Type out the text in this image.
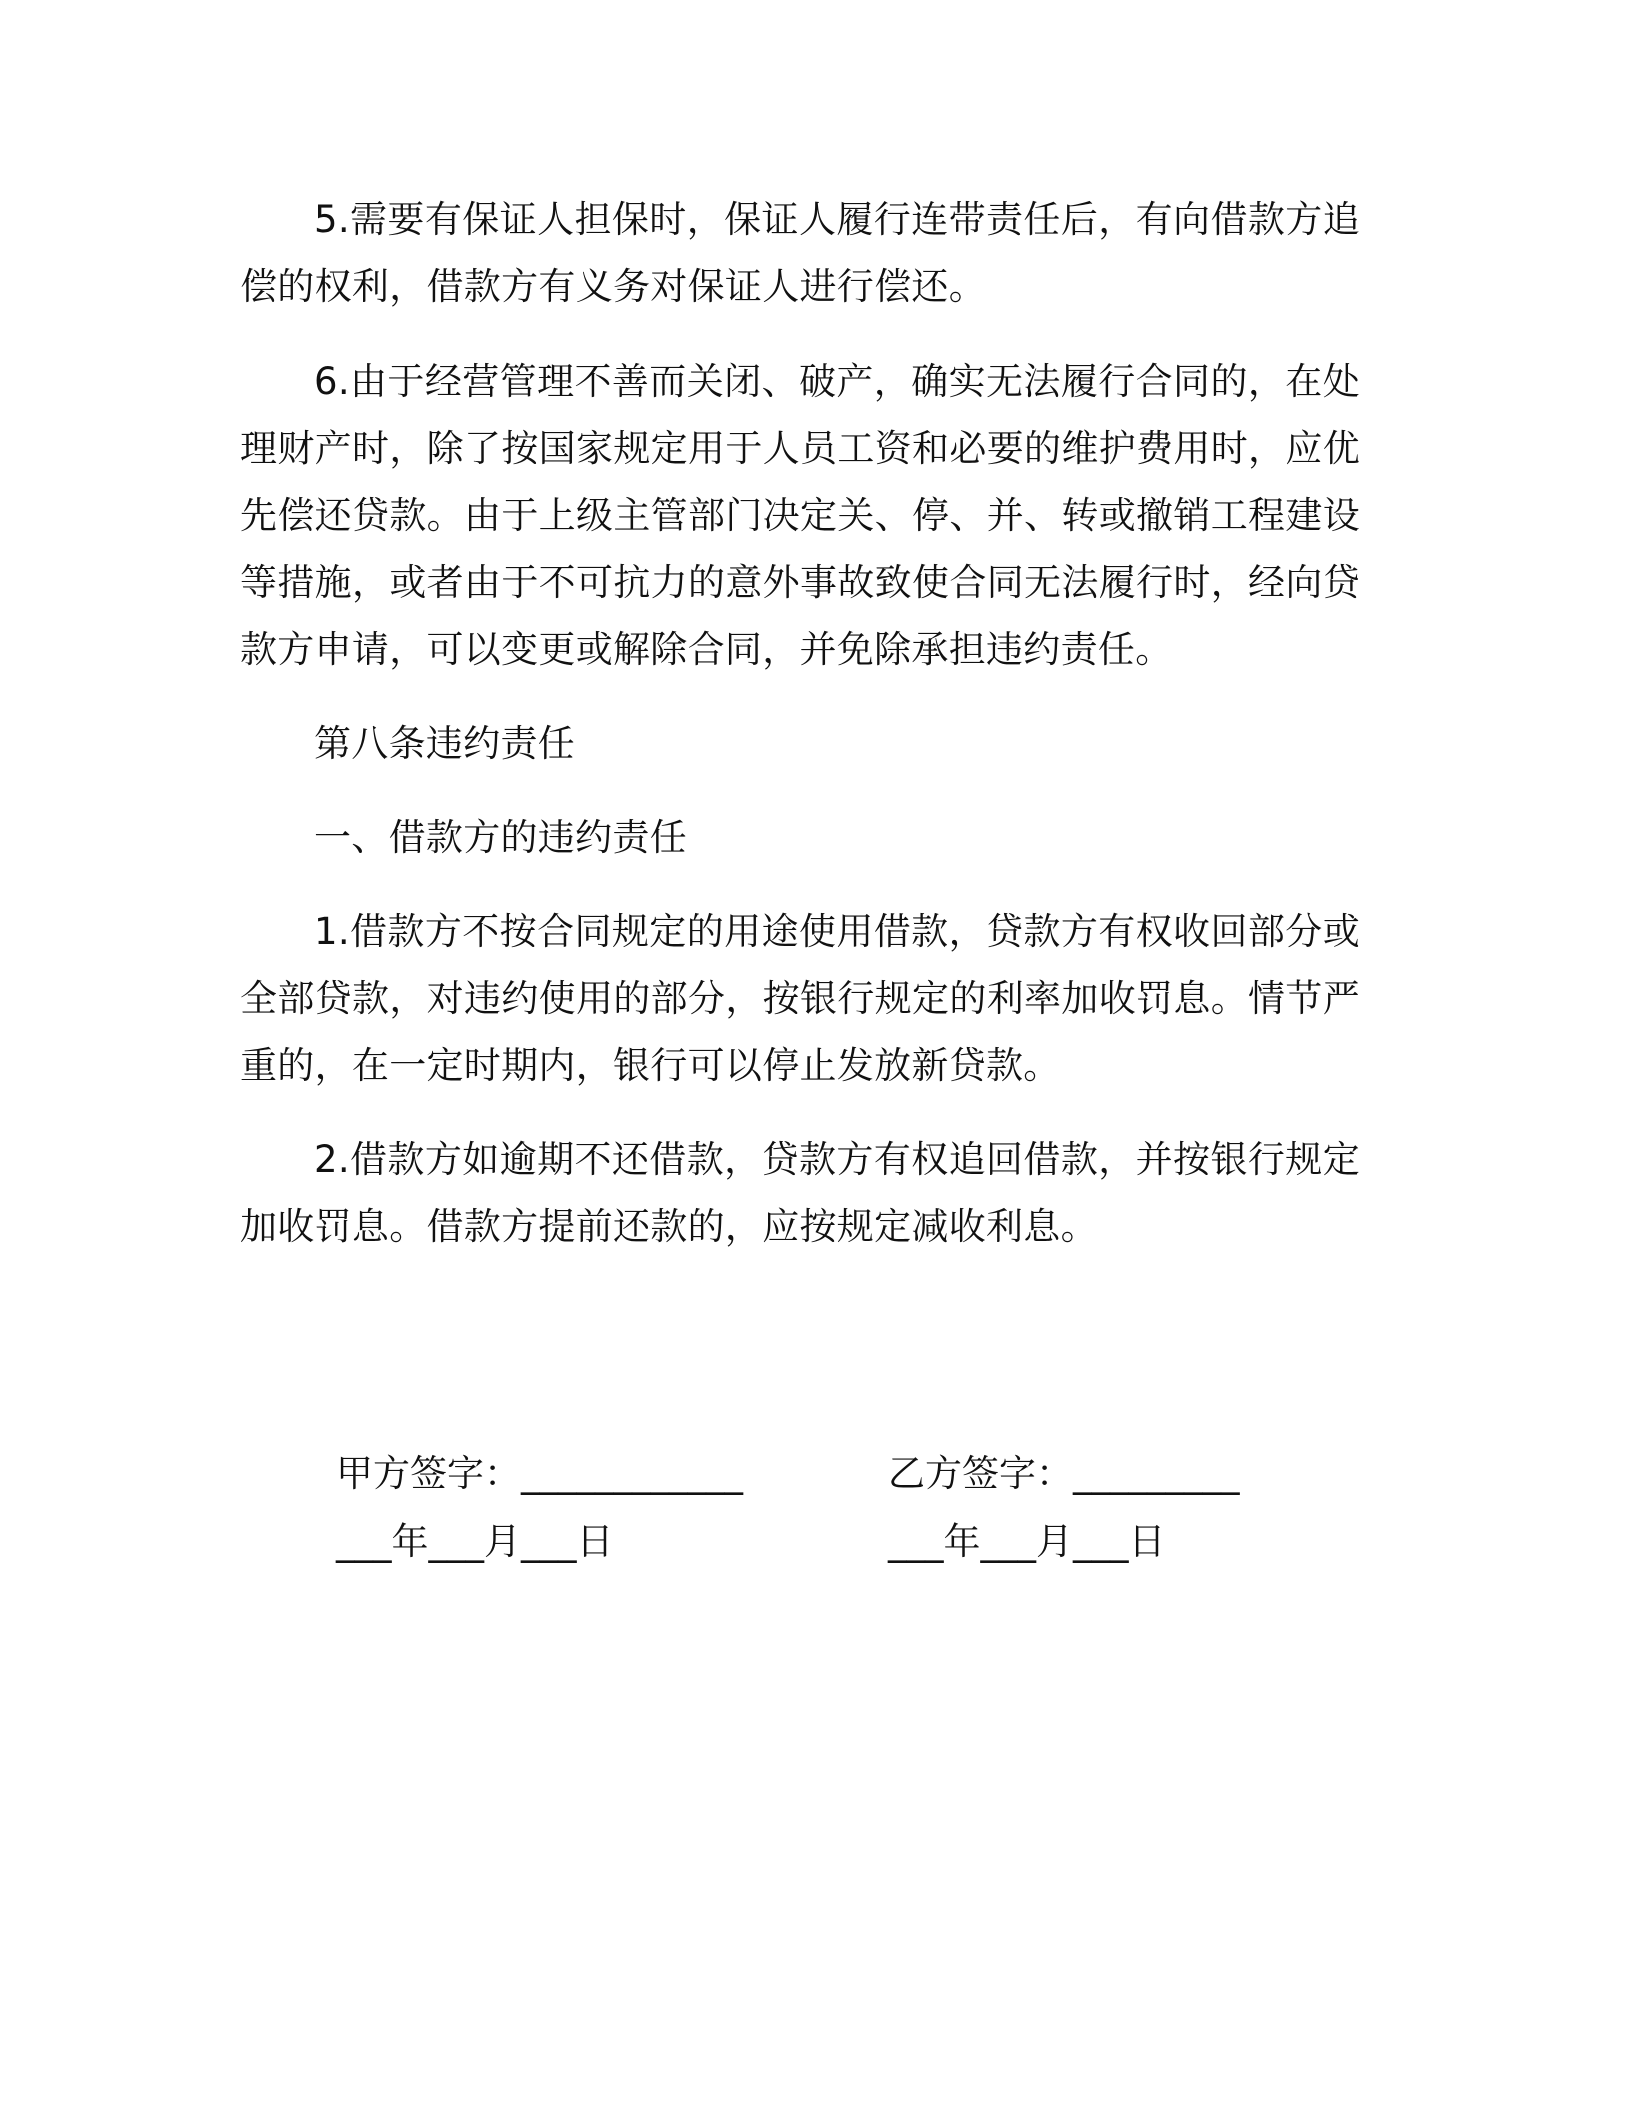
5.需要有保证人担保时，保证人履行连带责任后，有向借款方追偿的权利，借款方有义务对保证人进行偿还。

6.由于经营管理不善而关闭、破产，确实无法履行合同的，在处理财产时，除了按国家规定用于人员工资和必要的维护费用时，应优先偿还贷款。由于上级主管部门决定关、停、并、转或撤销工程建设等措施，或者由于不可抗力的意外事故致使合同无法履行时，经向贷款方申请，可以变更或解除合同，并免除承担违约责任。

第八条违约责任

一、借款方的违约责任

1.借款方不按合同规定的用途使用借款，贷款方有权收回部分或全部贷款，对违约使用的部分，按银行规定的利率加收罚息。情节严重的，在一定时期内，银行可以停止发放新贷款。

2.借款方如逾期不还借款，贷款方有权追回借款，并按银行规定加收罚息。借款方提前还款的，应按规定减收利息。

甲方签字：____________
___年___月___日
乙方签字：_________
___年___月___日
